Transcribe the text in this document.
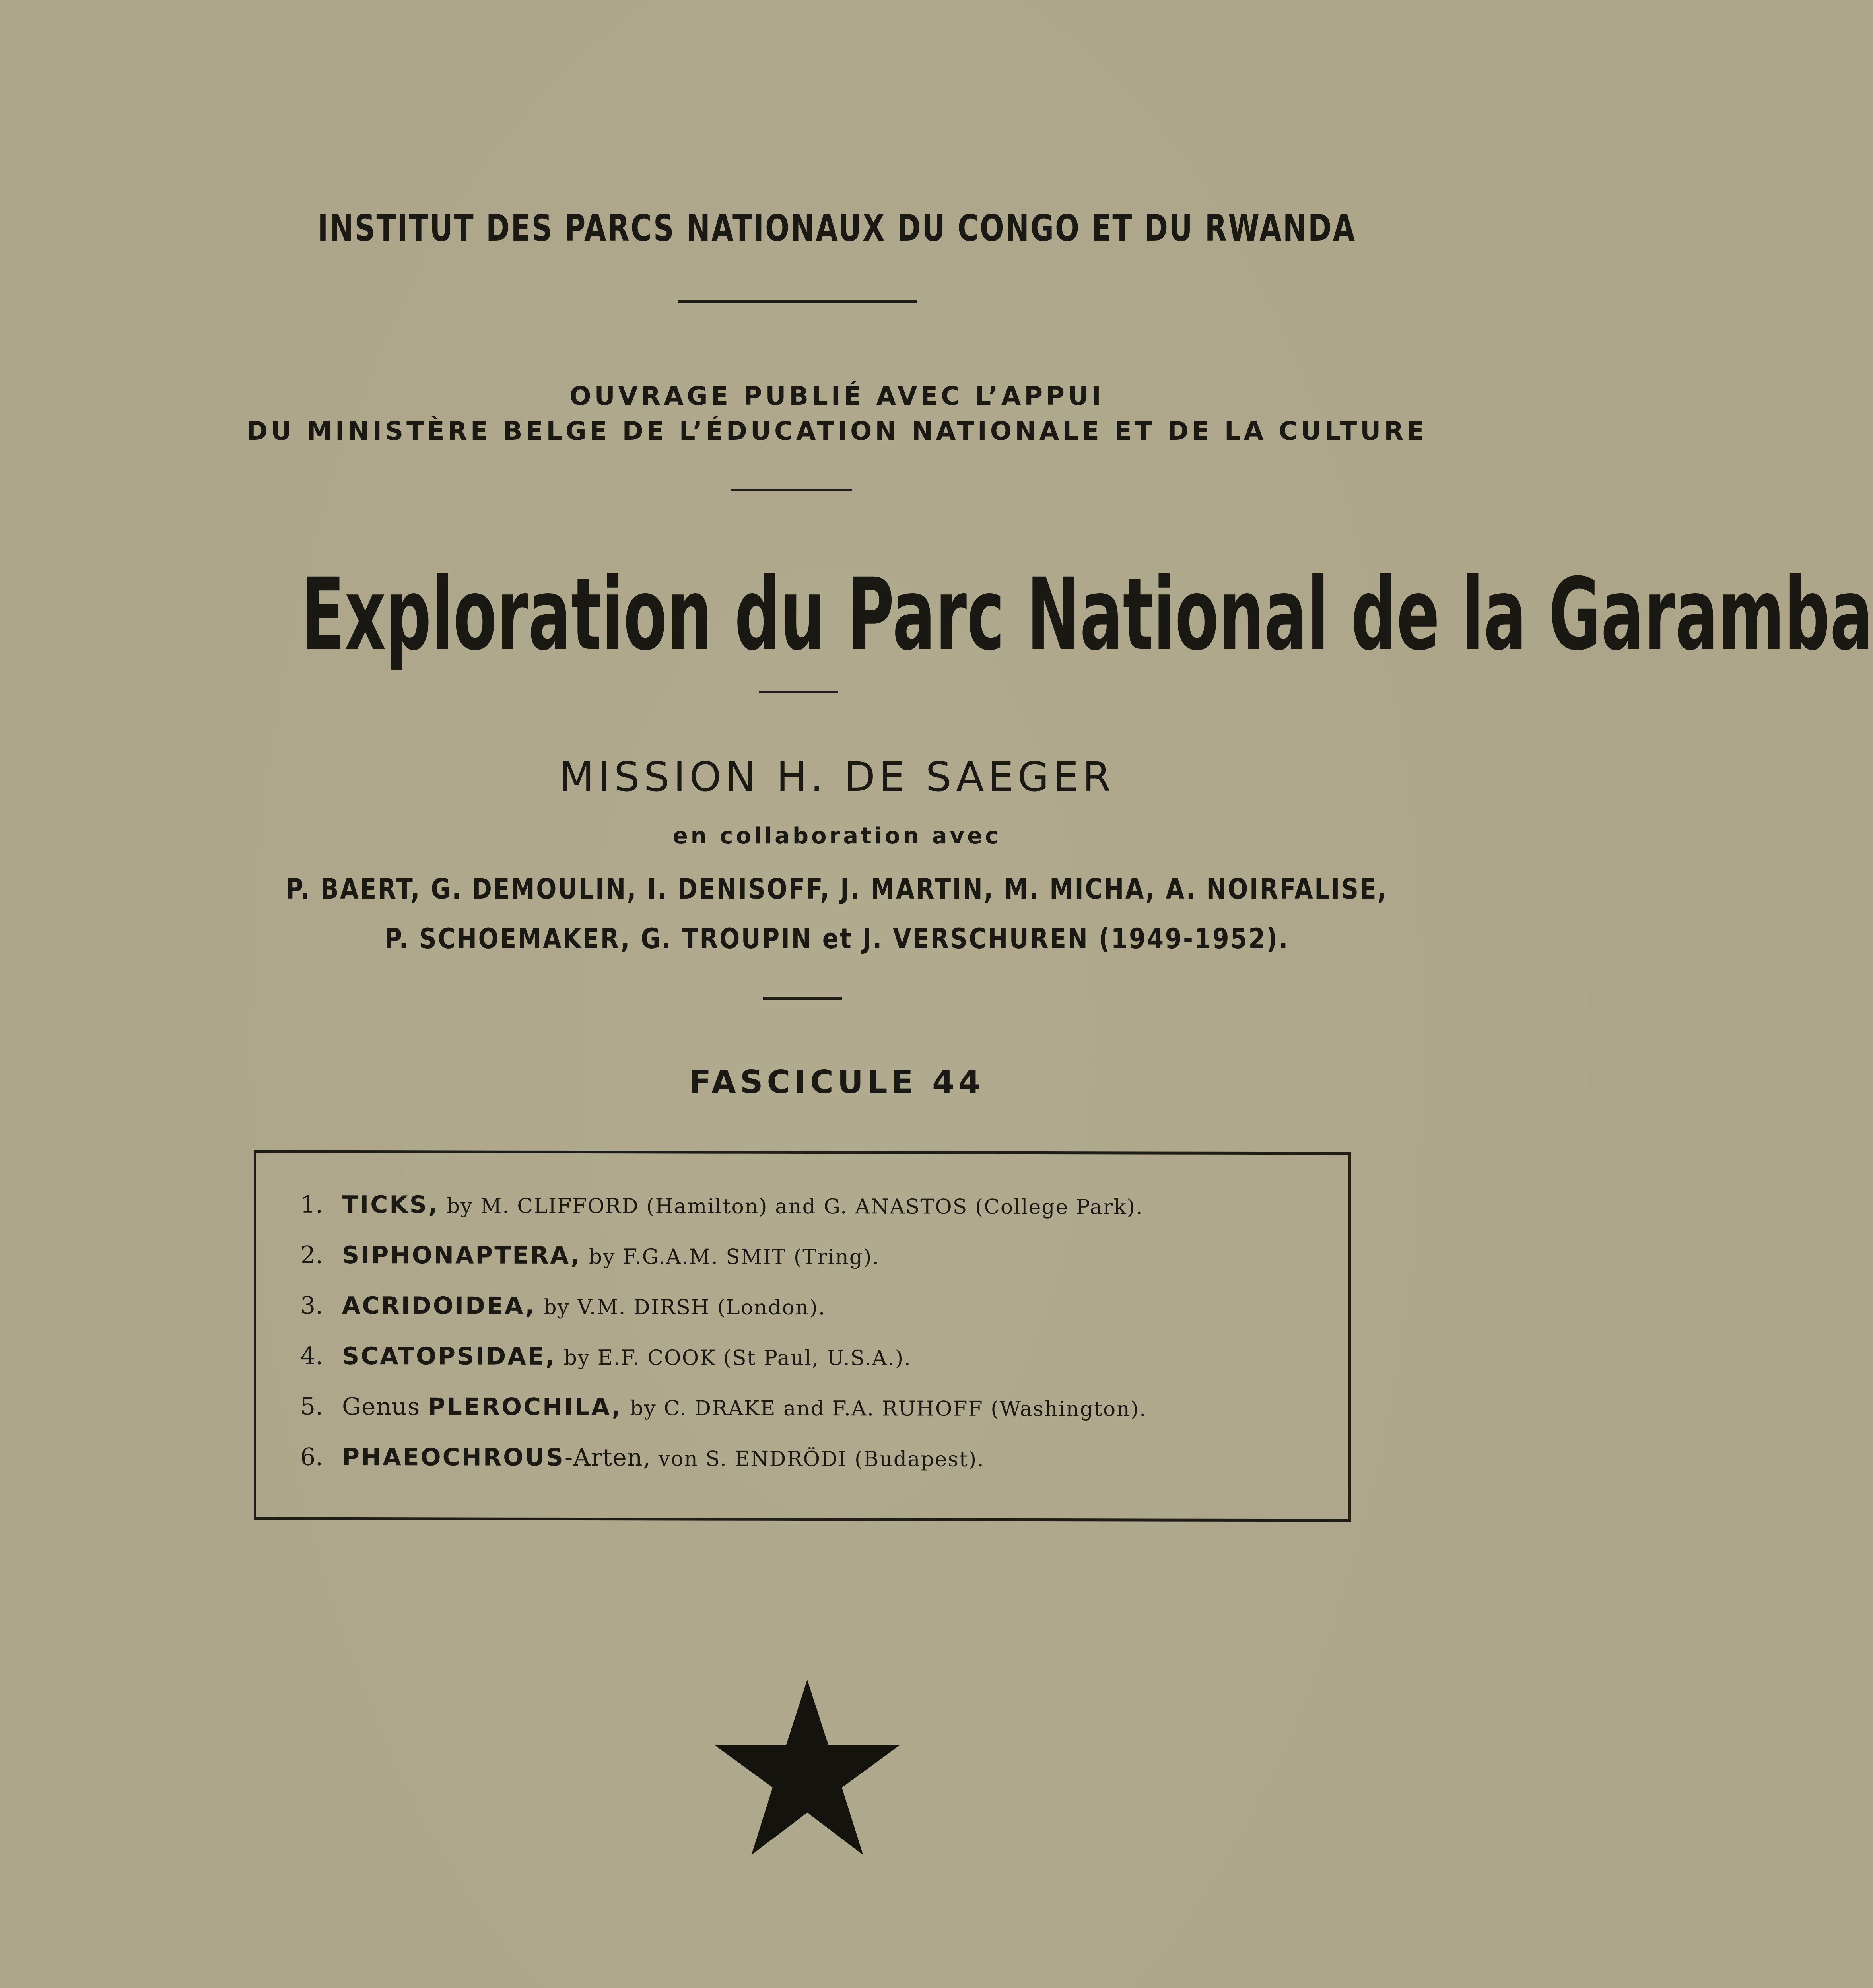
INSTITUT DES PARCS NATIONAUX DU CONGO ET DU RWANDA
OUVRAGE PUBLIÉ AVEC L’APPUI
DU MINISTÈRE BELGE DE L’ÉDUCATION NATIONALE ET DE LA CULTURE
Exploration du Parc National de la Garamba
MISSION H. DE SAEGER
en collaboration avec
P. BAERT, G. DEMOULIN, I. DENISOFF, J. MARTIN, M. MICHA, A. NOIRFALISE,
P. SCHOEMAKER, G. TROUPIN et J. VERSCHUREN (1949-1952).
FASCICULE 44
1. TICKS, by M. CLIFFORD (Hamilton) and G. ANASTOS (College Park).
2. SIPHONAPTERA, by F.G.A.M. SMIT (Tring).
3. ACRIDOIDEA, by V.M. DIRSH (London).
4. SCATOPSIDAE, by E.F. COOK (St Paul, U.S.A.).
5. Genus PLEROCHILA, by C. DRAKE and F.A. RUHOFF (Washington).
6. PHAEOCHROUS-Arten, von S. ENDRÖDI (Budapest).
